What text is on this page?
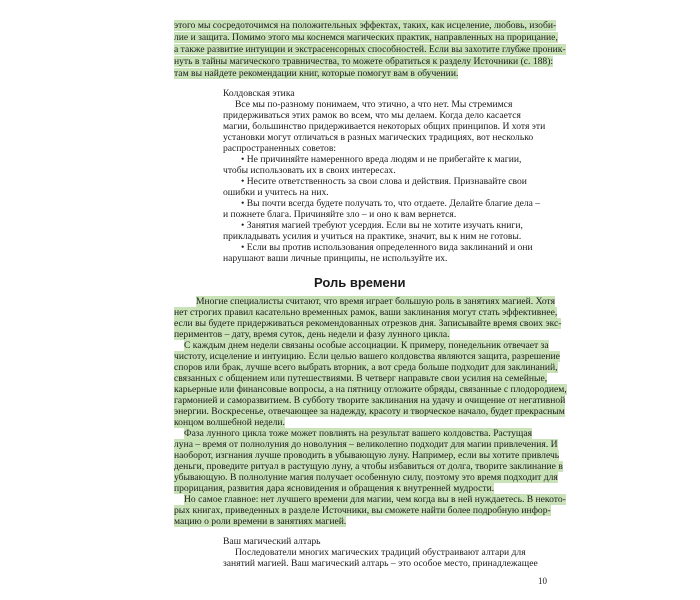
этого мы сосредоточимся на положительных эффектах, таких, как исцеление, любовь, изоби-
лие и защита. Помимо этого мы коснемся магических практик, направленных на прорицание,
а также развитие интуиции и экстрасенсорных способностей. Если вы захотите глубже проник-
нуть в тайны магического травничества, то можете обратиться к разделу Источники (с. 188):
там вы найдете рекомендации книг, которые помогут вам в обучении.
Колдовская этика
Все мы по-разному понимаем, что этично, а что нет. Мы стремимся
придерживаться этих рамок во всем, что мы делаем. Когда дело касается
магии, большинство придерживается некоторых общих принципов. И хотя эти
установки могут отличаться в разных магических традициях, вот несколько
распространенных советов:
• Не причиняйте намеренного вреда людям и не прибегайте к магии,
чтобы использовать их в своих интересах.
• Несите ответственность за свои слова и действия. Признавайте свои
ошибки и учитесь на них.
• Вы почти всегда будете получать то, что отдаете. Делайте благие дела –
и пожнете блага. Причиняйте зло – и оно к вам вернется.
• Занятия магией требуют усердия. Если вы не хотите изучать книги,
прикладывать усилия и учиться на практике, значит, вы к ним не готовы.
• Если вы против использования определенного вида заклинаний и они
нарушают ваши личные принципы, не используйте их.
Роль времени
Многие специалисты считают, что время играет большую роль в занятиях магией. Хотя
нет строгих правил касательно временных рамок, ваши заклинания могут стать эффективнее,
если вы будете придерживаться рекомендованных отрезков дня. Записывайте время своих экс-
периментов – дату, время суток, день недели и фазу лунного цикла.
С каждым днем недели связаны особые ассоциации. К примеру, понедельник отвечает за
чистоту, исцеление и интуицию. Если целью вашего колдовства являются защита, разрешение
споров или брак, лучше всего выбрать вторник, а вот среда больше подходит для заклинаний,
связанных с общением или путешествиями. В четверг направьте свои усилия на семейные,
карьерные или финансовые вопросы, а на пятницу отложите обряды, связанные с плодородием,
гармонией и саморазвитием. В субботу творите заклинания на удачу и очищение от негативной
энергии. Воскресенье, отвечающее за надежду, красоту и творческое начало, будет прекрасным
концом волшебной недели.
Фаза лунного цикла тоже может повлиять на результат вашего колдовства. Растущая
луна – время от полнолуния до новолуния – великолепно подходит для магии привлечения. И
наоборот, изгнания лучше проводить в убывающую луну. Например, если вы хотите привлечь
деньги, проведите ритуал в растущую луну, а чтобы избавиться от долга, творите заклинание в
убывающую. В полнолуние магия получает особенную силу, поэтому это время подходит для
прорицания, развития дара ясновидения и обращения к внутренней мудрости.
Но самое главное: нет лучшего времени для магии, чем когда вы в ней нуждаетесь. В некото-
рых книгах, приведенных в разделе Источники, вы сможете найти более подробную инфор-
мацию о роли времени в занятиях магией.
Ваш магический алтарь
Последователи многих магических традиций обустраивают алтари для
занятий магией. Ваш магический алтарь – это особое место, принадлежащее
10
